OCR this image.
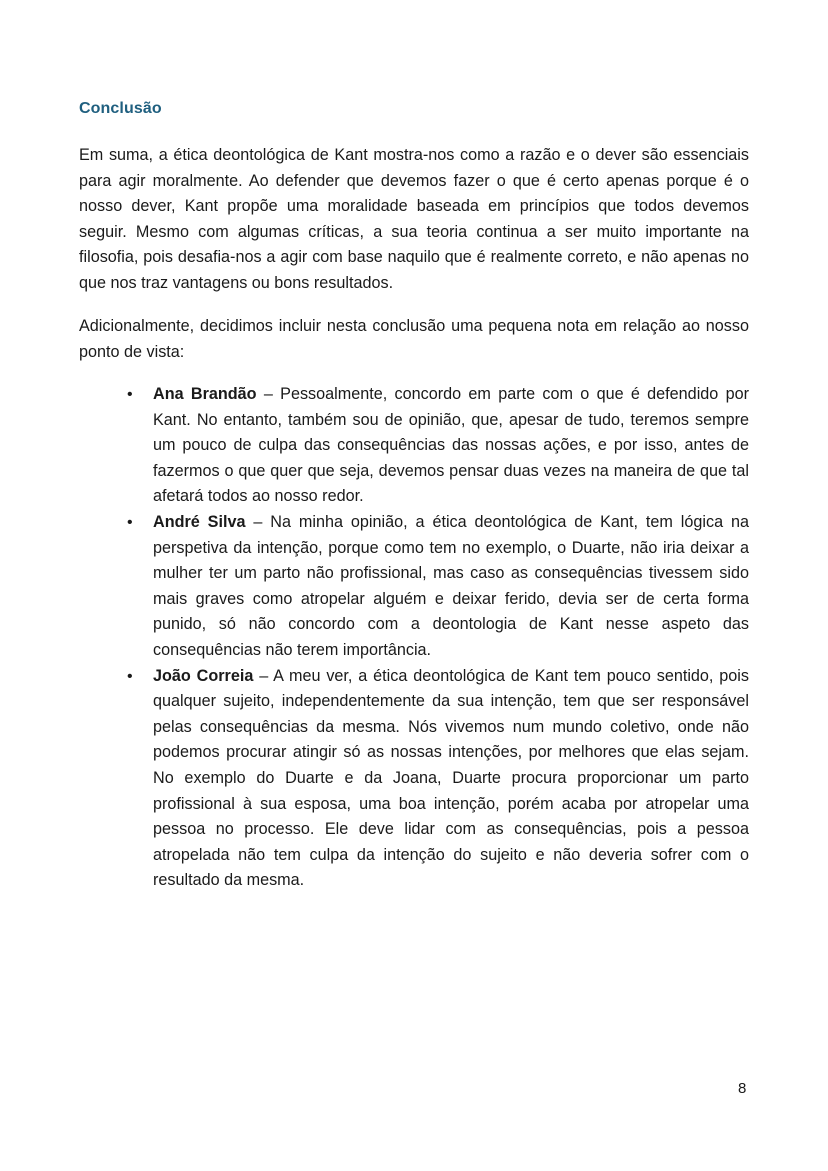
Conclusão

Em suma, a ética deontológica de Kant mostra-nos como a razão e o dever são essenciais para agir moralmente. Ao defender que devemos fazer o que é certo apenas porque é o nosso dever, Kant propõe uma moralidade baseada em princípios que todos devemos seguir. Mesmo com algumas críticas, a sua teoria continua a ser muito importante na filosofia, pois desafia-nos a agir com base naquilo que é realmente correto, e não apenas no que nos traz vantagens ou bons resultados.

Adicionalmente, decidimos incluir nesta conclusão uma pequena nota em relação ao nosso ponto de vista:

• Ana Brandão – Pessoalmente, concordo em parte com o que é defendido por Kant. No entanto, também sou de opinião, que, apesar de tudo, teremos sempre um pouco de culpa das consequências das nossas ações, e por isso, antes de fazermos o que quer que seja, devemos pensar duas vezes na maneira de que tal afetará todos ao nosso redor.
• André Silva – Na minha opinião, a ética deontológica de Kant, tem lógica na perspetiva da intenção, porque como tem no exemplo, o Duarte, não iria deixar a mulher ter um parto não profissional, mas caso as consequências tivessem sido mais graves como atropelar alguém e deixar ferido, devia ser de certa forma punido, só não concordo com a deontologia de Kant nesse aspeto das consequências não terem importância.
• João Correia – A meu ver, a ética deontológica de Kant tem pouco sentido, pois qualquer sujeito, independentemente da sua intenção, tem que ser responsável pelas consequências da mesma. Nós vivemos num mundo coletivo, onde não podemos procurar atingir só as nossas intenções, por melhores que elas sejam. No exemplo do Duarte e da Joana, Duarte procura proporcionar um parto profissional à sua esposa, uma boa intenção, porém acaba por atropelar uma pessoa no processo. Ele deve lidar com as consequências, pois a pessoa atropelada não tem culpa da intenção do sujeito e não deveria sofrer com o resultado da mesma.
8
